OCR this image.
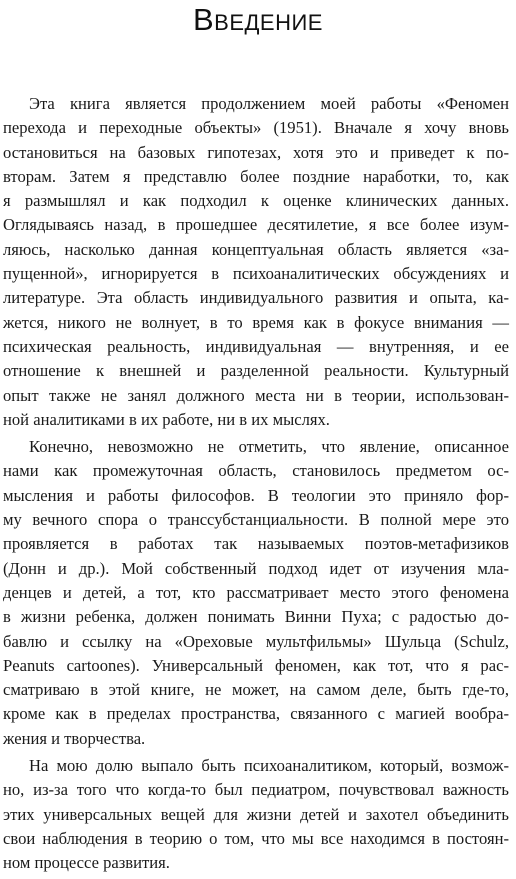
Введение
Эта книга является продолжением моей работы «Феномен
перехода и переходные объекты» (1951). Вначале я хочу вновь
остановиться на базовых гипотезах, хотя это и приведет к по-
вторам. Затем я представлю более поздние наработки, то, как
я размышлял и как подходил к оценке клинических данных.
Оглядываясь назад, в прошедшее десятилетие, я все более изум-
ляюсь, насколько данная концептуальная область является «за-
пущенной», игнорируется в психоаналитических обсуждениях и
литературе. Эта область индивидуального развития и опыта, ка-
жется, никого не волнует, в то время как в фокусе внимания —
психическая реальность, индивидуальная — внутренняя, и ее
отношение к внешней и разделенной реальности. Культурный
опыт также не занял должного места ни в теории, использован-
ной аналитиками в их работе, ни в их мыслях.
Конечно, невозможно не отметить, что явление, описанное
нами как промежуточная область, становилось предметом ос-
мысления и работы философов. В теологии это приняло фор-
му вечного спора о транссубстанциальности. В полной мере это
проявляется в работах так называемых поэтов-метафизиков
(Донн и др.). Мой собственный подход идет от изучения мла-
денцев и детей, а тот, кто рассматривает место этого феномена
в жизни ребенка, должен понимать Винни Пуха; с радостью до-
бавлю и ссылку на «Ореховые мультфильмы» Шульца (Schulz,
Peanuts cartoones). Универсальный феномен, как тот, что я рас-
сматриваю в этой книге, не может, на самом деле, быть где-то,
кроме как в пределах пространства, связанного с магией вообра-
жения и творчества.
На мою долю выпало быть психоаналитиком, который, возмож-
но, из-за того что когда-то был педиатром, почувствовал важность
этих универсальных вещей для жизни детей и захотел объединить
свои наблюдения в теорию о том, что мы все находимся в постоян-
ном процессе развития.
